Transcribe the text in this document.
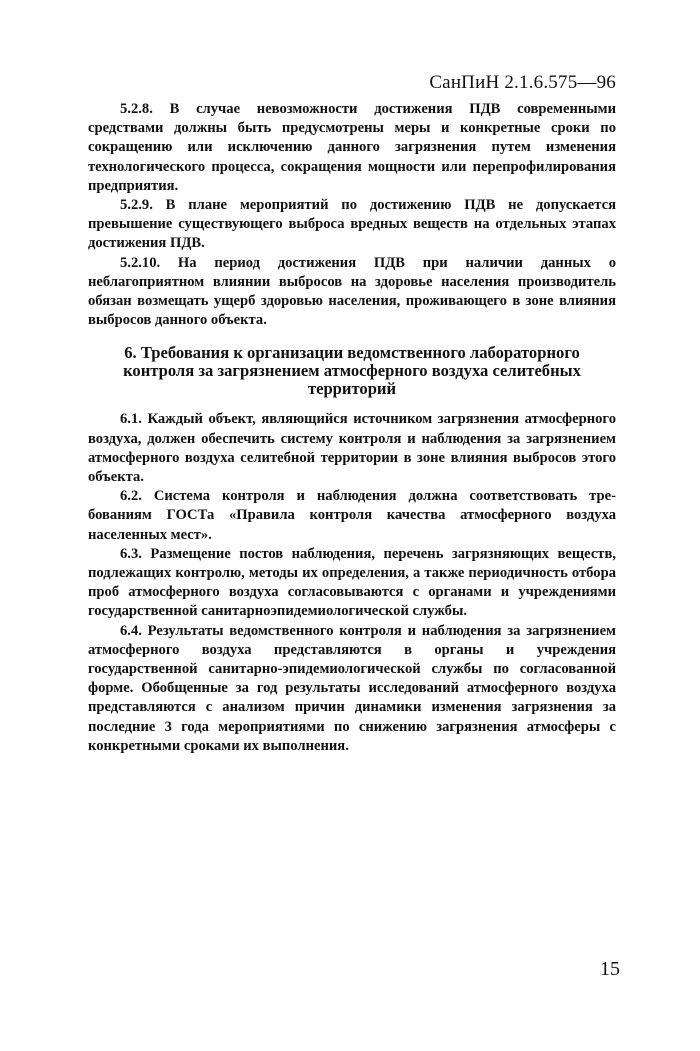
СанПиН 2.1.6.575—96

5.2.8. В случае невозможности достижения ПДВ современными средствами должны быть предусмотрены меры и конкретные сроки по сокращению или исключению данного загрязнения путем изменения технологического процесса, сокращения мощности или перепрофилирования предприятия.

5.2.9. В плане мероприятий по достижению ПДВ не допускается превышение существующего выброса вредных веществ на отдельных этапах достижения ПДВ.

5.2.10. На период достижения ПДВ при наличии данных о неблагоприятном влиянии выбросов на здоровье населения производитель обязан возмещать ущерб здоровью населения, проживающего в зоне влияния выбросов данного объекта.

6. Требования к организации ведомственного лабораторного контроля за загрязнением атмосферного воздуха селитебных территорий

6.1. Каждый объект, являющийся источником загрязнения атмосферного воздуха, должен обеспечить систему контроля и наблюдения за загрязнением атмосферного воздуха селитебной территории в зоне влияния выбросов этого объекта.

6.2. Система контроля и наблюдения должна соответствовать требованиям ГОСТа «Правила контроля качества атмосферного воздуха населенных мест».

6.3. Размещение постов наблюдения, перечень загрязняющих веществ, подлежащих контролю, методы их определения, а также периодичность отбора проб атмосферного воздуха согласовываются с органами и учреждениями государственной санитарноэпидемиологической службы.

6.4. Результаты ведомственного контроля и наблюдения за загрязнением атмосферного воздуха представляются в органы и учреждения государственной санитарно-эпидемиологической службы по согласованной форме. Обобщенные за год результаты исследований атмосферного воздуха представляются с анализом причин динамики изменения загрязнения за последние 3 года мероприятиями по снижению загрязнения атмосферы с конкретными сроками их выполнения.

15
